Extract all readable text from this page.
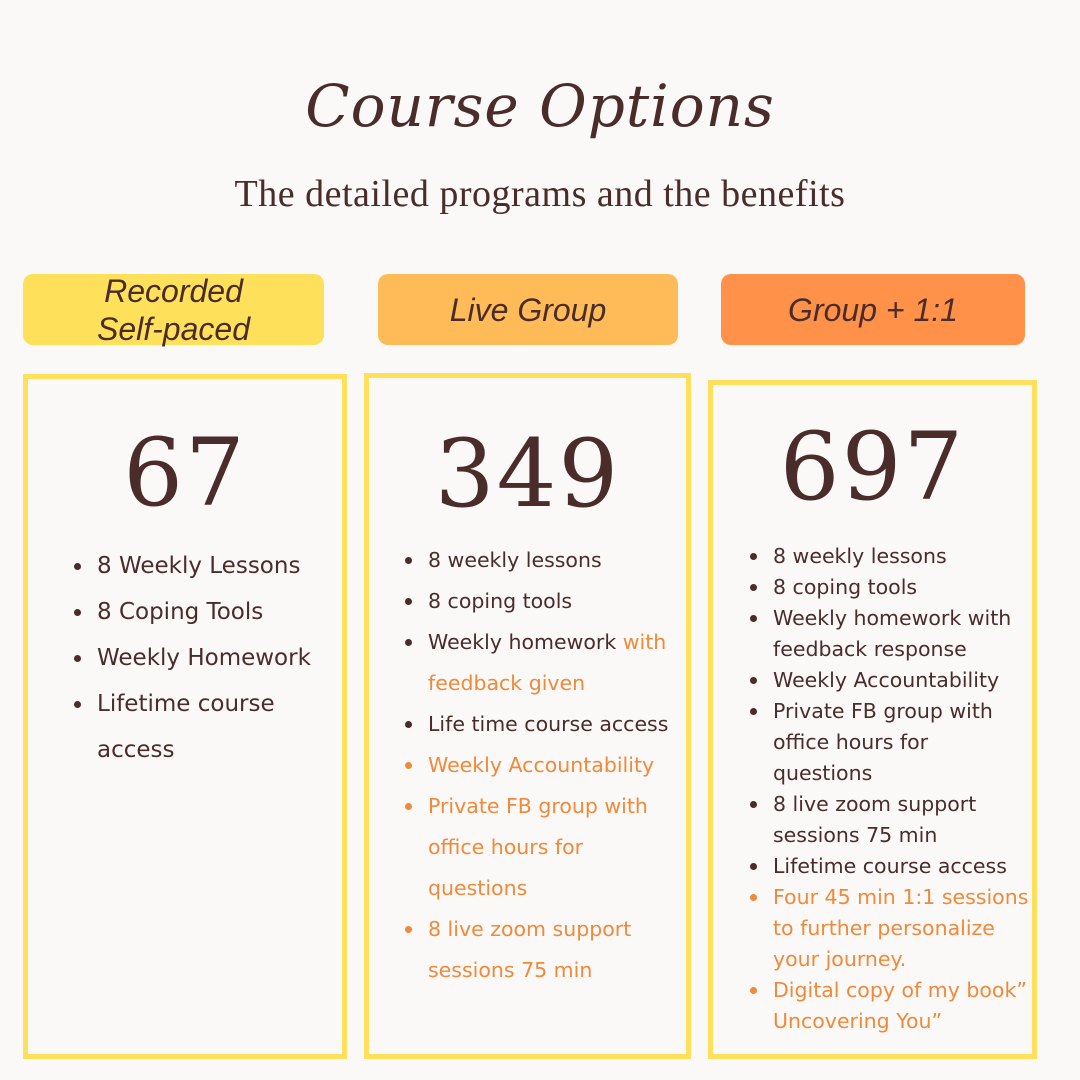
Course Options

The detailed programs and the benefits

Recorded
Self-paced
Live Group	Group + 1:1
67
8 Weekly Lessons
8 Coping Tools
Weekly Homework
Lifetime course access
349
8 weekly lessons
8 coping tools
Weekly homework with feedback given
Life time course access
Weekly Accountability
Private FB group with office hours for questions
8 live zoom support sessions 75 min
697
8 weekly lessons
8 coping tools
Weekly homework with feedback response
Weekly Accountability
Private FB group with office hours for questions
8 live zoom support sessions 75 min
Lifetime course access
Four 45 min 1:1 sessions to further personalize your journey.
Digital copy of my book” Uncovering You”
